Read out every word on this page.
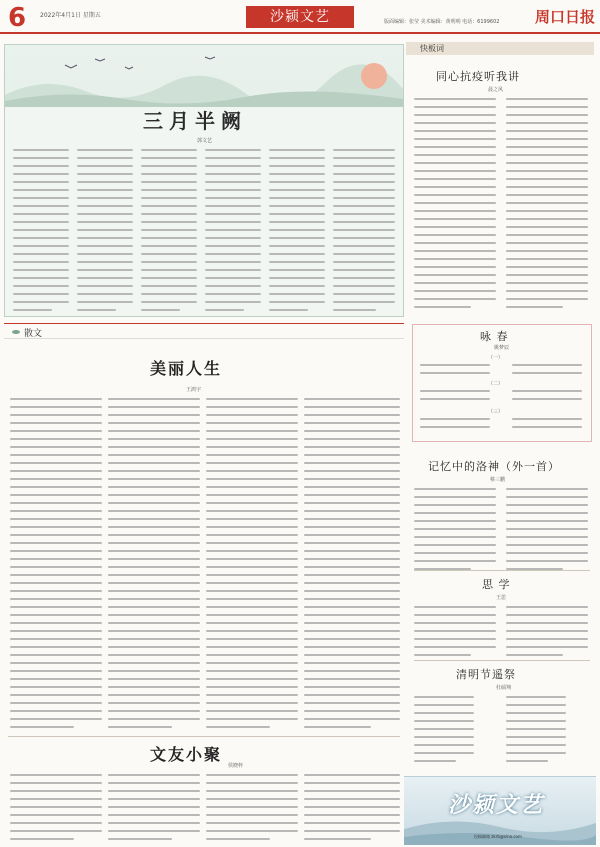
6 2022年4月1日 星期五	沙颍文艺	版面编辑：张莹 美术编辑：黄明明 电话：6199602 周口日报
三月半阙
郭文艺
散文
美丽人生
王鸿宇
文友小聚
侯晓梓
快板词
同心抗疫听我讲
晨之风
咏 春
姚梦辰
（一）
（二）
（三）
记忆中的洛神（外一首）
蔡三鹏
思 学
王思
清明节遥祭
杜硕翔
沙颍文艺
投稿邮箱 zkrb@sina.com
